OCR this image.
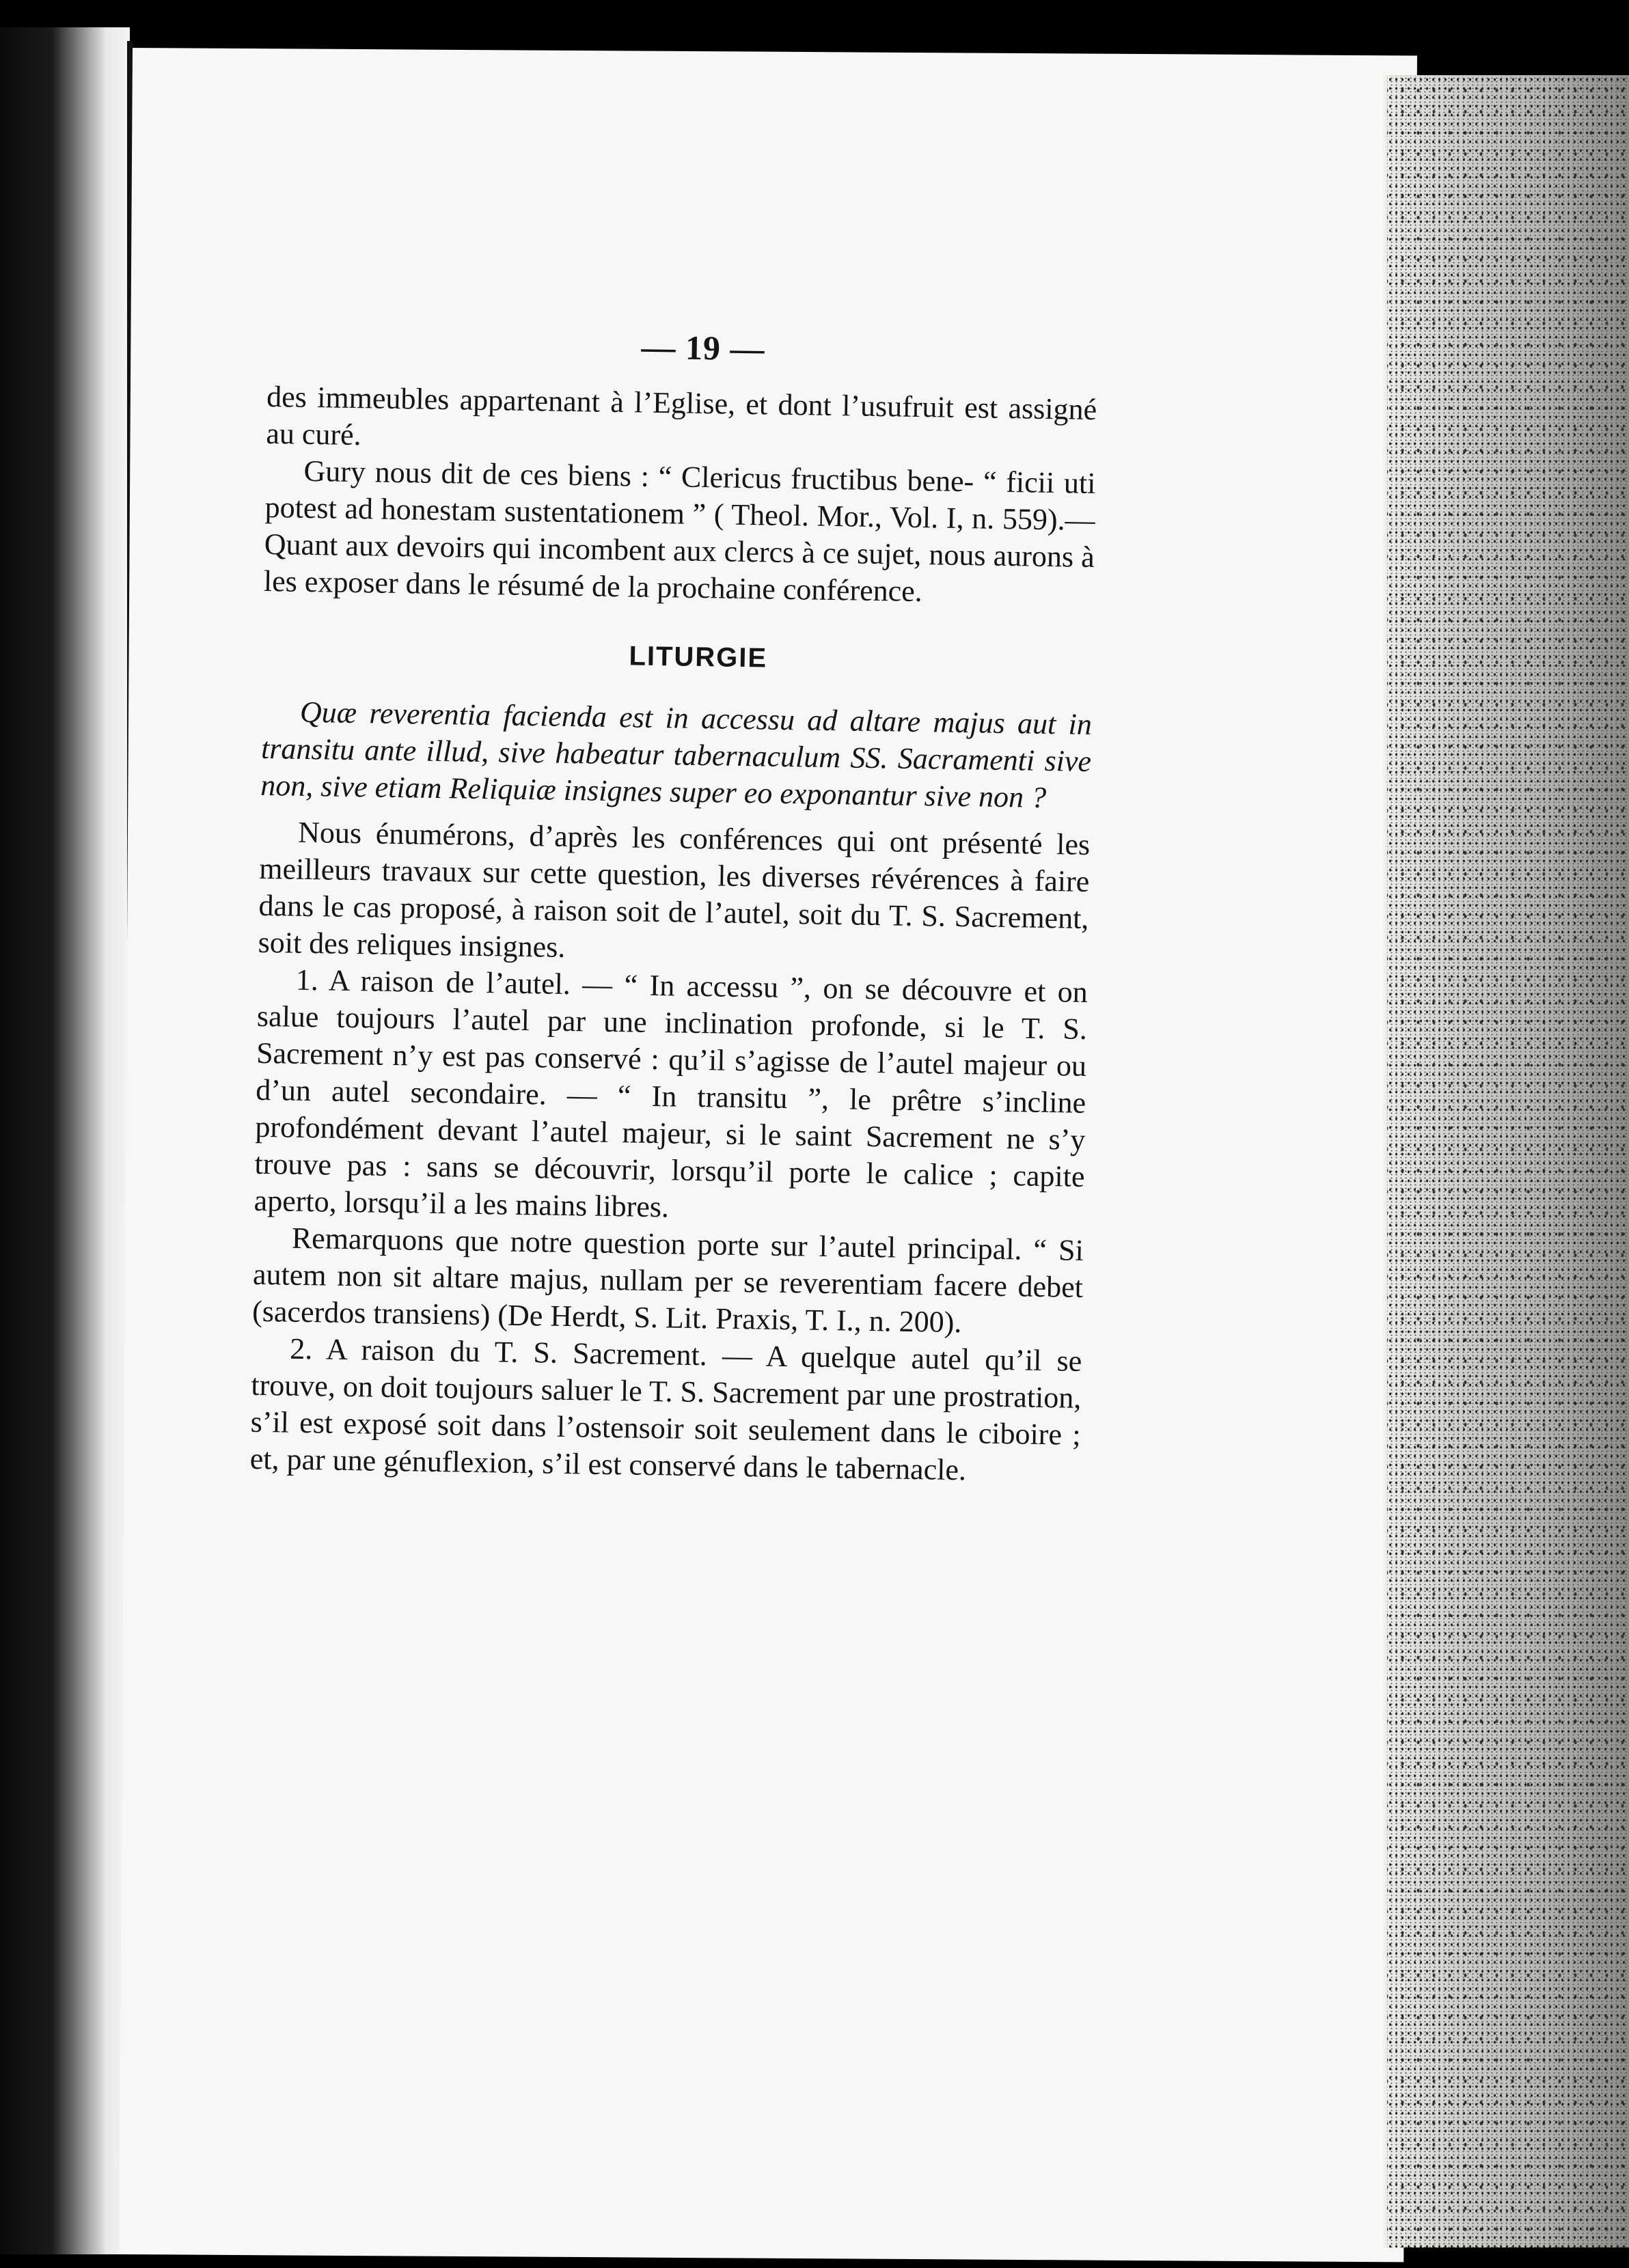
— 19 —

des immeubles appartenant à l’Eglise, et dont l’usufruit est assigné au curé.

Gury nous dit de ces biens : “ Clericus fructibus bene- “ ficii uti potest ad honestam sustentationem ” ( Theol. Mor., Vol. I, n. 559).—Quant aux devoirs qui incombent aux clercs à ce sujet, nous aurons à les exposer dans le résumé de la prochaine conférence.

LITURGIE

Quæ reverentia facienda est in accessu ad altare majus aut in transitu ante illud, sive habeatur tabernaculum SS. Sacramenti sive non, sive etiam Reliquiæ insignes super eo exponantur sive non ?

Nous énumérons, d’après les conférences qui ont présenté les meilleurs travaux sur cette question, les diverses révérences à faire dans le cas proposé, à raison soit de l’autel, soit du T. S. Sacrement, soit des reliques insignes.

1. A raison de l’autel. — “ In accessu ”, on se découvre et on salue toujours l’autel par une inclination profonde, si le T. S. Sacrement n’y est pas conservé : qu’il s’agisse de l’autel majeur ou d’un autel secondaire. — “ In transitu ”, le prêtre s’incline profondément devant l’autel majeur, si le saint Sacrement ne s’y trouve pas : sans se découvrir, lorsqu’il porte le calice ; capite aperto, lorsqu’il a les mains libres.

Remarquons que notre question porte sur l’autel principal. “ Si autem non sit altare majus, nullam per se reverentiam facere debet (sacerdos transiens) (De Herdt, S. Lit. Praxis, T. I., n. 200).

2. A raison du T. S. Sacrement. — A quelque autel qu’il se trouve, on doit toujours saluer le T. S. Sacrement par une prostration, s’il est exposé soit dans l’ostensoir soit seulement dans le ciboire ; et, par une génuflexion, s’il est conservé dans le tabernacle.
